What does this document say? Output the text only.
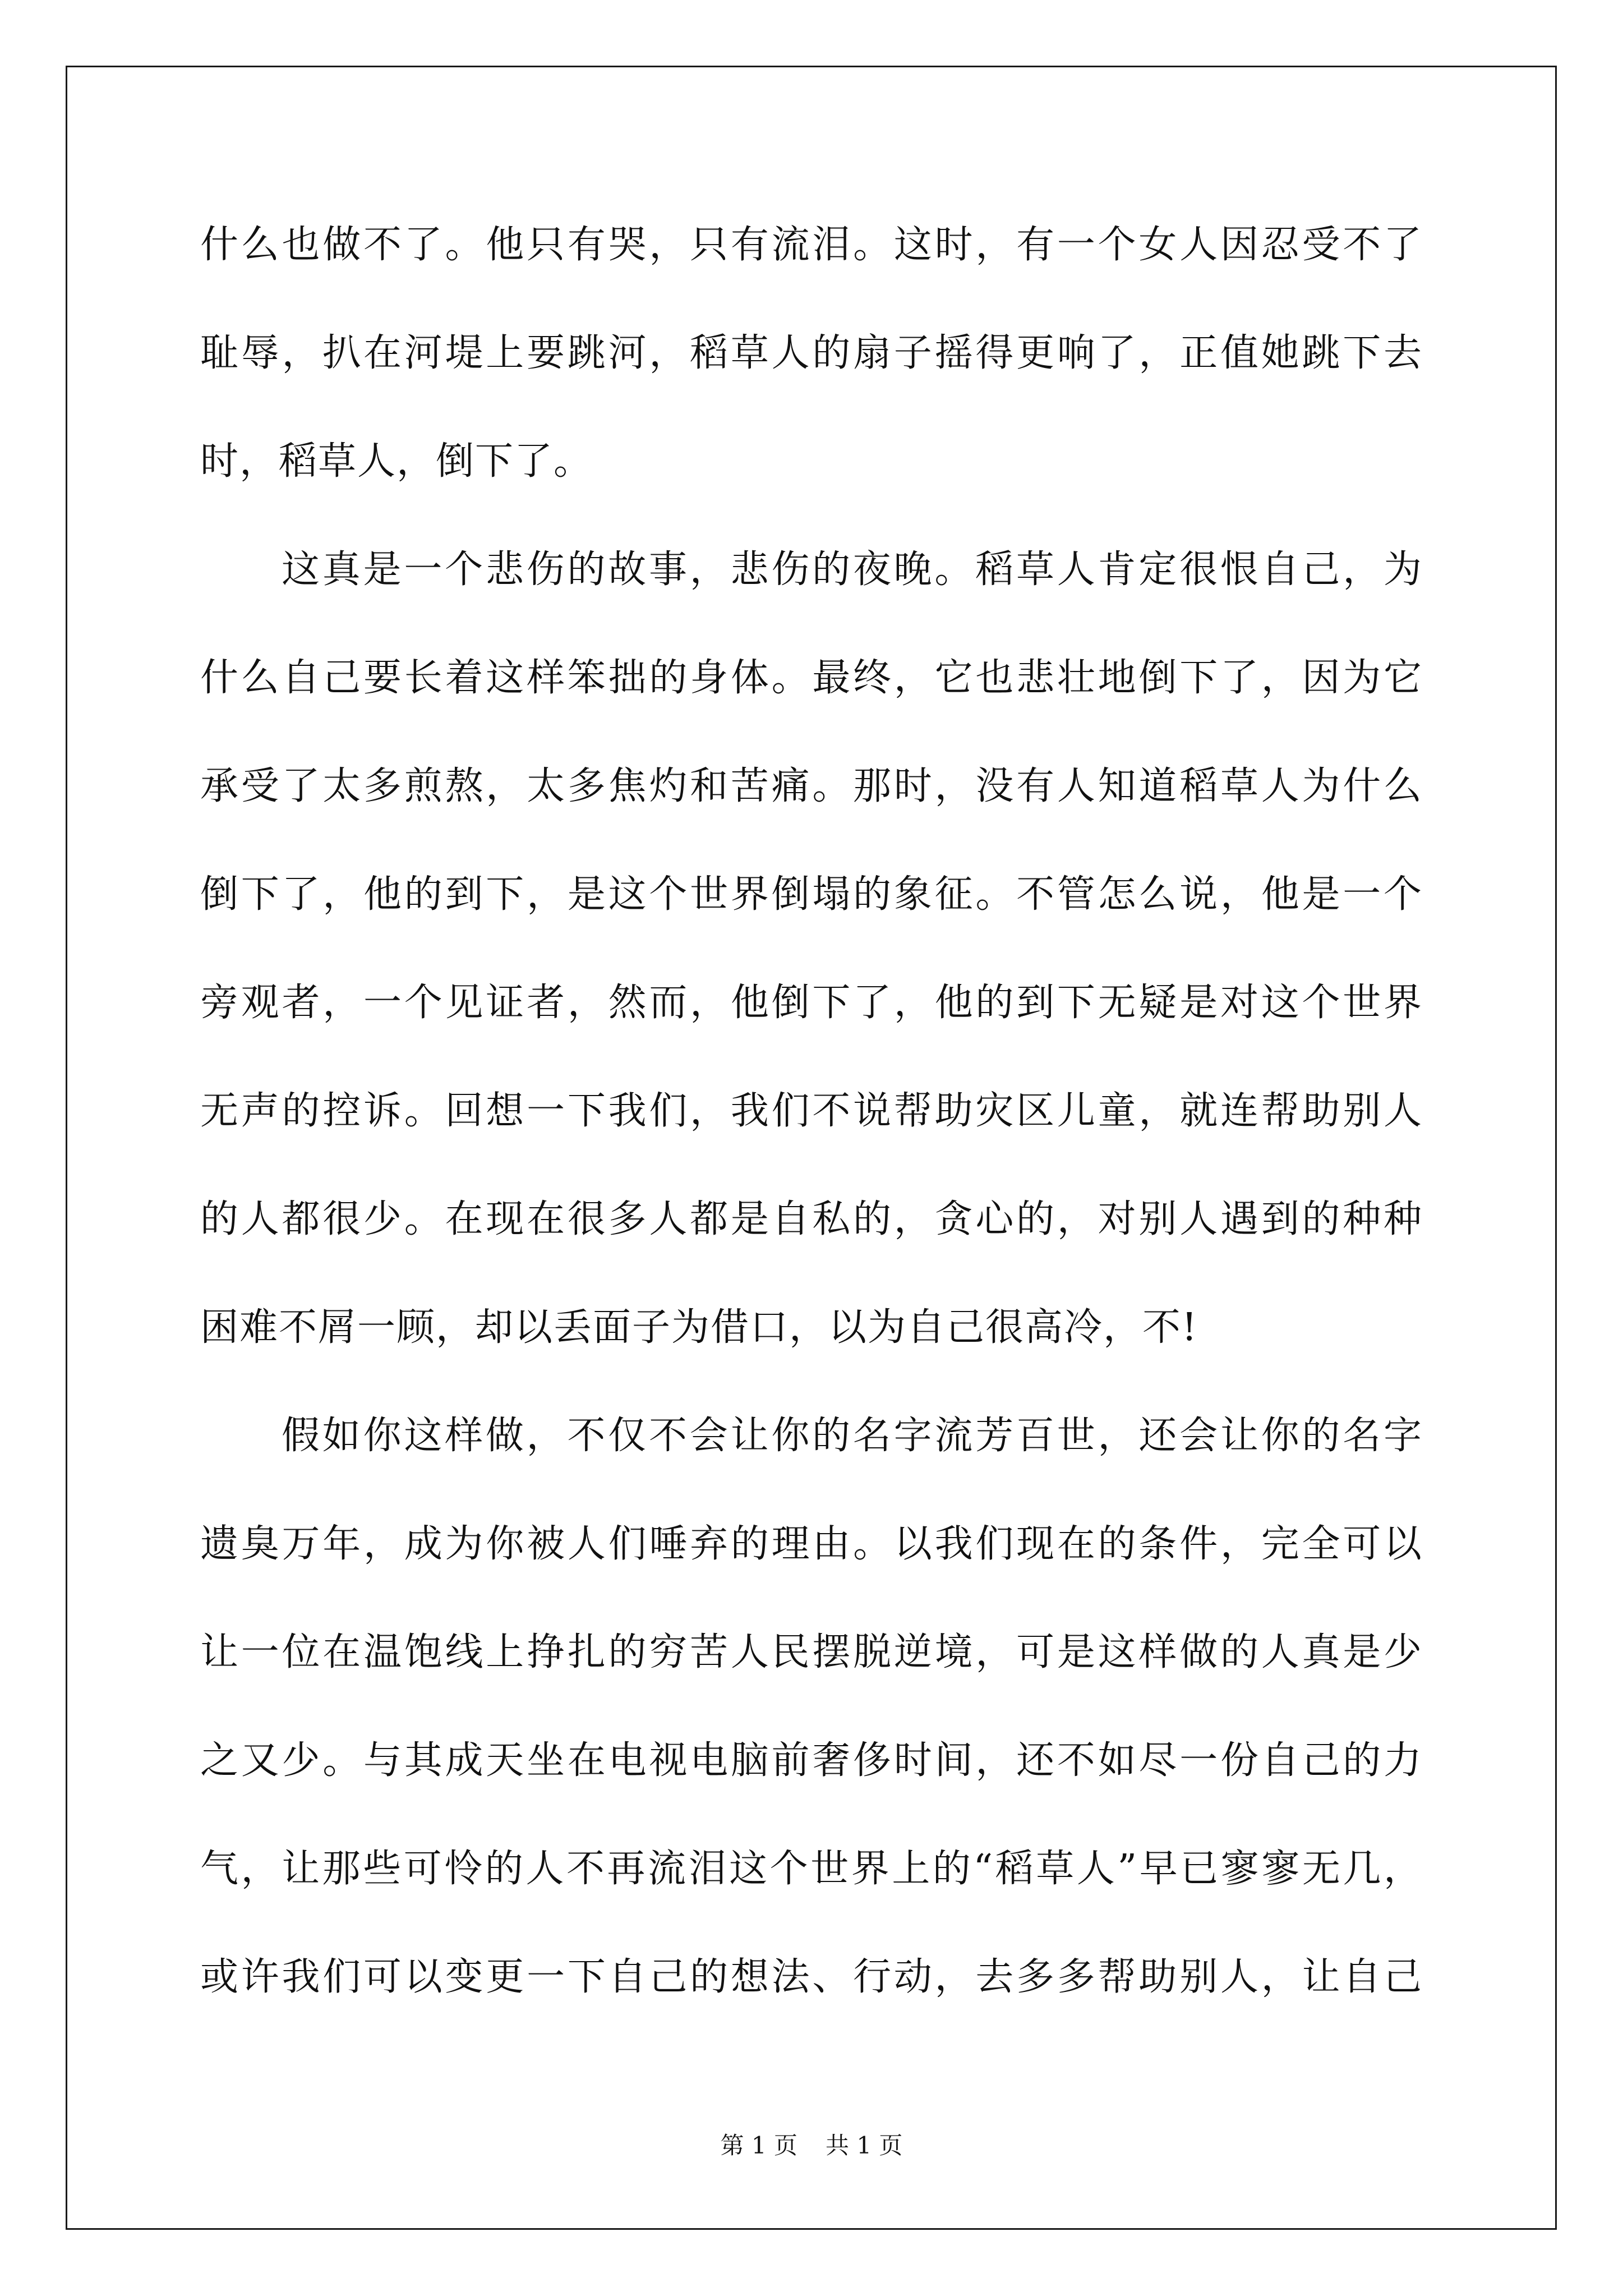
什么也做不了。他只有哭，只有流泪。这时，有一个女人因忍受不了
耻辱，扒在河堤上要跳河，稻草人的扇子摇得更响了，正值她跳下去
时，稻草人，倒下了。
这真是一个悲伤的故事，悲伤的夜晚。稻草人肯定很恨自己，为
什么自己要长着这样笨拙的身体。最终，它也悲壮地倒下了，因为它
承受了太多煎熬，太多焦灼和苦痛。那时，没有人知道稻草人为什么
倒下了，他的到下，是这个世界倒塌的象征。不管怎么说，他是一个
旁观者，一个见证者，然而，他倒下了，他的到下无疑是对这个世界
无声的控诉。回想一下我们，我们不说帮助灾区儿童，就连帮助别人
的人都很少。在现在很多人都是自私的，贪心的，对别人遇到的种种
困难不屑一顾，却以丢面子为借口，以为自己很高冷，不!
假如你这样做，不仅不会让你的名字流芳百世，还会让你的名字
遗臭万年，成为你被人们唾弃的理由。以我们现在的条件，完全可以
让一位在温饱线上挣扎的穷苦人民摆脱逆境，可是这样做的人真是少
之又少。与其成天坐在电视电脑前奢侈时间，还不如尽一份自己的力
气，让那些可怜的人不再流泪这个世界上的“稻草人”早已寥寥无几，
或许我们可以变更一下自己的想法、行动，去多多帮助别人，让自己
第 1 页 共 1 页
